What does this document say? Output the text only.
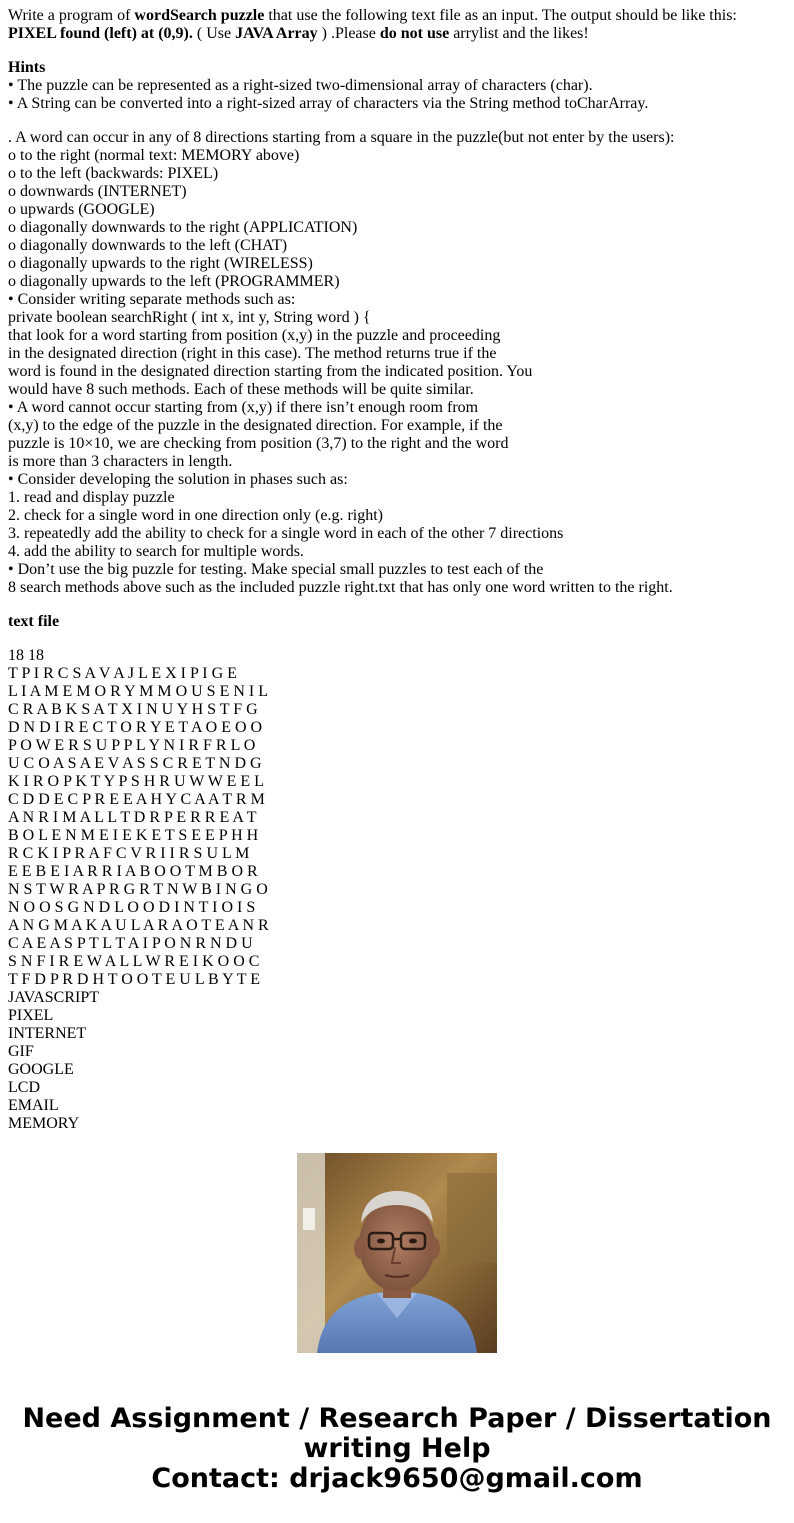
Write a program of wordSearch puzzle that use the following text file as an input. The output should be like this:
PIXEL found (left) at (0,9). ( Use JAVA Array ) .Please do not use arrylist and the likes!

Hints
• The puzzle can be represented as a right-sized two-dimensional array of characters (char).
• A String can be converted into a right-sized array of characters via the String method toCharArray.

. A word can occur in any of 8 directions starting from a square in the puzzle(but not enter by the users):
o to the right (normal text: MEMORY above)
o to the left (backwards: PIXEL)
o downwards (INTERNET)
o upwards (GOOGLE)
o diagonally downwards to the right (APPLICATION)
o diagonally downwards to the left (CHAT)
o diagonally upwards to the right (WIRELESS)
o diagonally upwards to the left (PROGRAMMER)
• Consider writing separate methods such as:
private boolean searchRight ( int x, int y, String word ) {
that look for a word starting from position (x,y) in the puzzle and proceeding
in the designated direction (right in this case). The method returns true if the
word is found in the designated direction starting from the indicated position. You
would have 8 such methods. Each of these methods will be quite similar.
• A word cannot occur starting from (x,y) if there isn’t enough room from
(x,y) to the edge of the puzzle in the designated direction. For example, if the
puzzle is 10×10, we are checking from position (3,7) to the right and the word
is more than 3 characters in length.
• Consider developing the solution in phases such as:
1. read and display puzzle
2. check for a single word in one direction only (e.g. right)
3. repeatedly add the ability to check for a single word in each of the other 7 directions
4. add the ability to search for multiple words.
• Don’t use the big puzzle for testing. Make special small puzzles to test each of the
8 search methods above such as the included puzzle right.txt that has only one word written to the right.

text file

18 18
T P I R C S A V A J L E X I P I G E
L I A M E M O R Y M M O U S E N I L
C R A B K S A T X I N U Y H S T F G
D N D I R E C T O R Y E T A O E O O
P O W E R S U P P L Y N I R F R L O
U C O A S A E V A S S C R E T N D G
K I R O P K T Y P S H R U W W E E L
C D D E C P R E E A H Y C A A T R M
A N R I M A L L T D R P E R R E A T
B O L E N M E I E K E T S E E P H H
R C K I P R A F C V R I I R S U L M
E E B E I A R R I A B O O T M B O R
N S T W R A P R G R T N W B I N G O
N O O S G N D L O O D I N T I O I S
A N G M A K A U L A R A O T E A N R
C A E A S P T L T A I P O N R N D U
S N F I R E W A L L W R E I K O O C
T F D P R D H T O O T E U L B Y T E
JAVASCRIPT
PIXEL
INTERNET
GIF
GOOGLE
LCD
EMAIL
MEMORY

Need Assignment / Research Paper / Dissertation
writing Help
Contact: drjack9650@gmail.com
